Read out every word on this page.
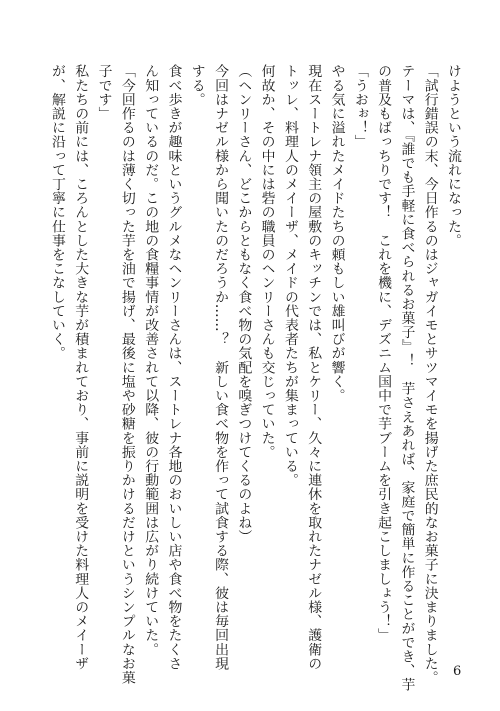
けようという流れになった。
「試行錯誤の末、今日作るのはジャガイモとサツマイモを揚げた庶民的なお菓子に決まりました。
テーマは、『誰でも手軽に食べられるお菓子』！　芋さえあれば、家庭で簡単に作ることができ、芋
の普及もばっちりです！　これを機に、デズニム国中で芋ブームを引き起こしましょう！」
「うおぉ！」
やる気に溢れたメイドたちの頼もしい雄叫びが響く。
現在スートレナ領主の屋敷のキッチンでは、私とケリー、久々に連休を取れたナゼル様、護衛の
トッレ、料理人のメイーザ、メイドの代表者たちが集まっている。
何故か、その中には砦の職員のヘンリーさんも交じっていた。
（ヘンリーさん、どこからともなく食べ物の気配を嗅ぎつけてくるのよね）
今回はナゼル様から聞いたのだろうか……？　新しい食べ物を作って試食する際、彼は毎回出現
する。
食べ歩きが趣味というグルメなヘンリーさんは、スートレナ各地のおいしい店や食べ物をたくさ
ん知っているのだ。この地の食糧事情が改善されて以降、彼の行動範囲は広がり続けていた。
「今回作るのは薄く切った芋を油で揚げ、最後に塩や砂糖を振りかけるだけというシンプルなお菓
子です」
私たちの前には、ころんとした大きな芋が積まれており、事前に説明を受けた料理人のメイーザ
が、解説に沿って丁寧に仕事をこなしていく。
6
